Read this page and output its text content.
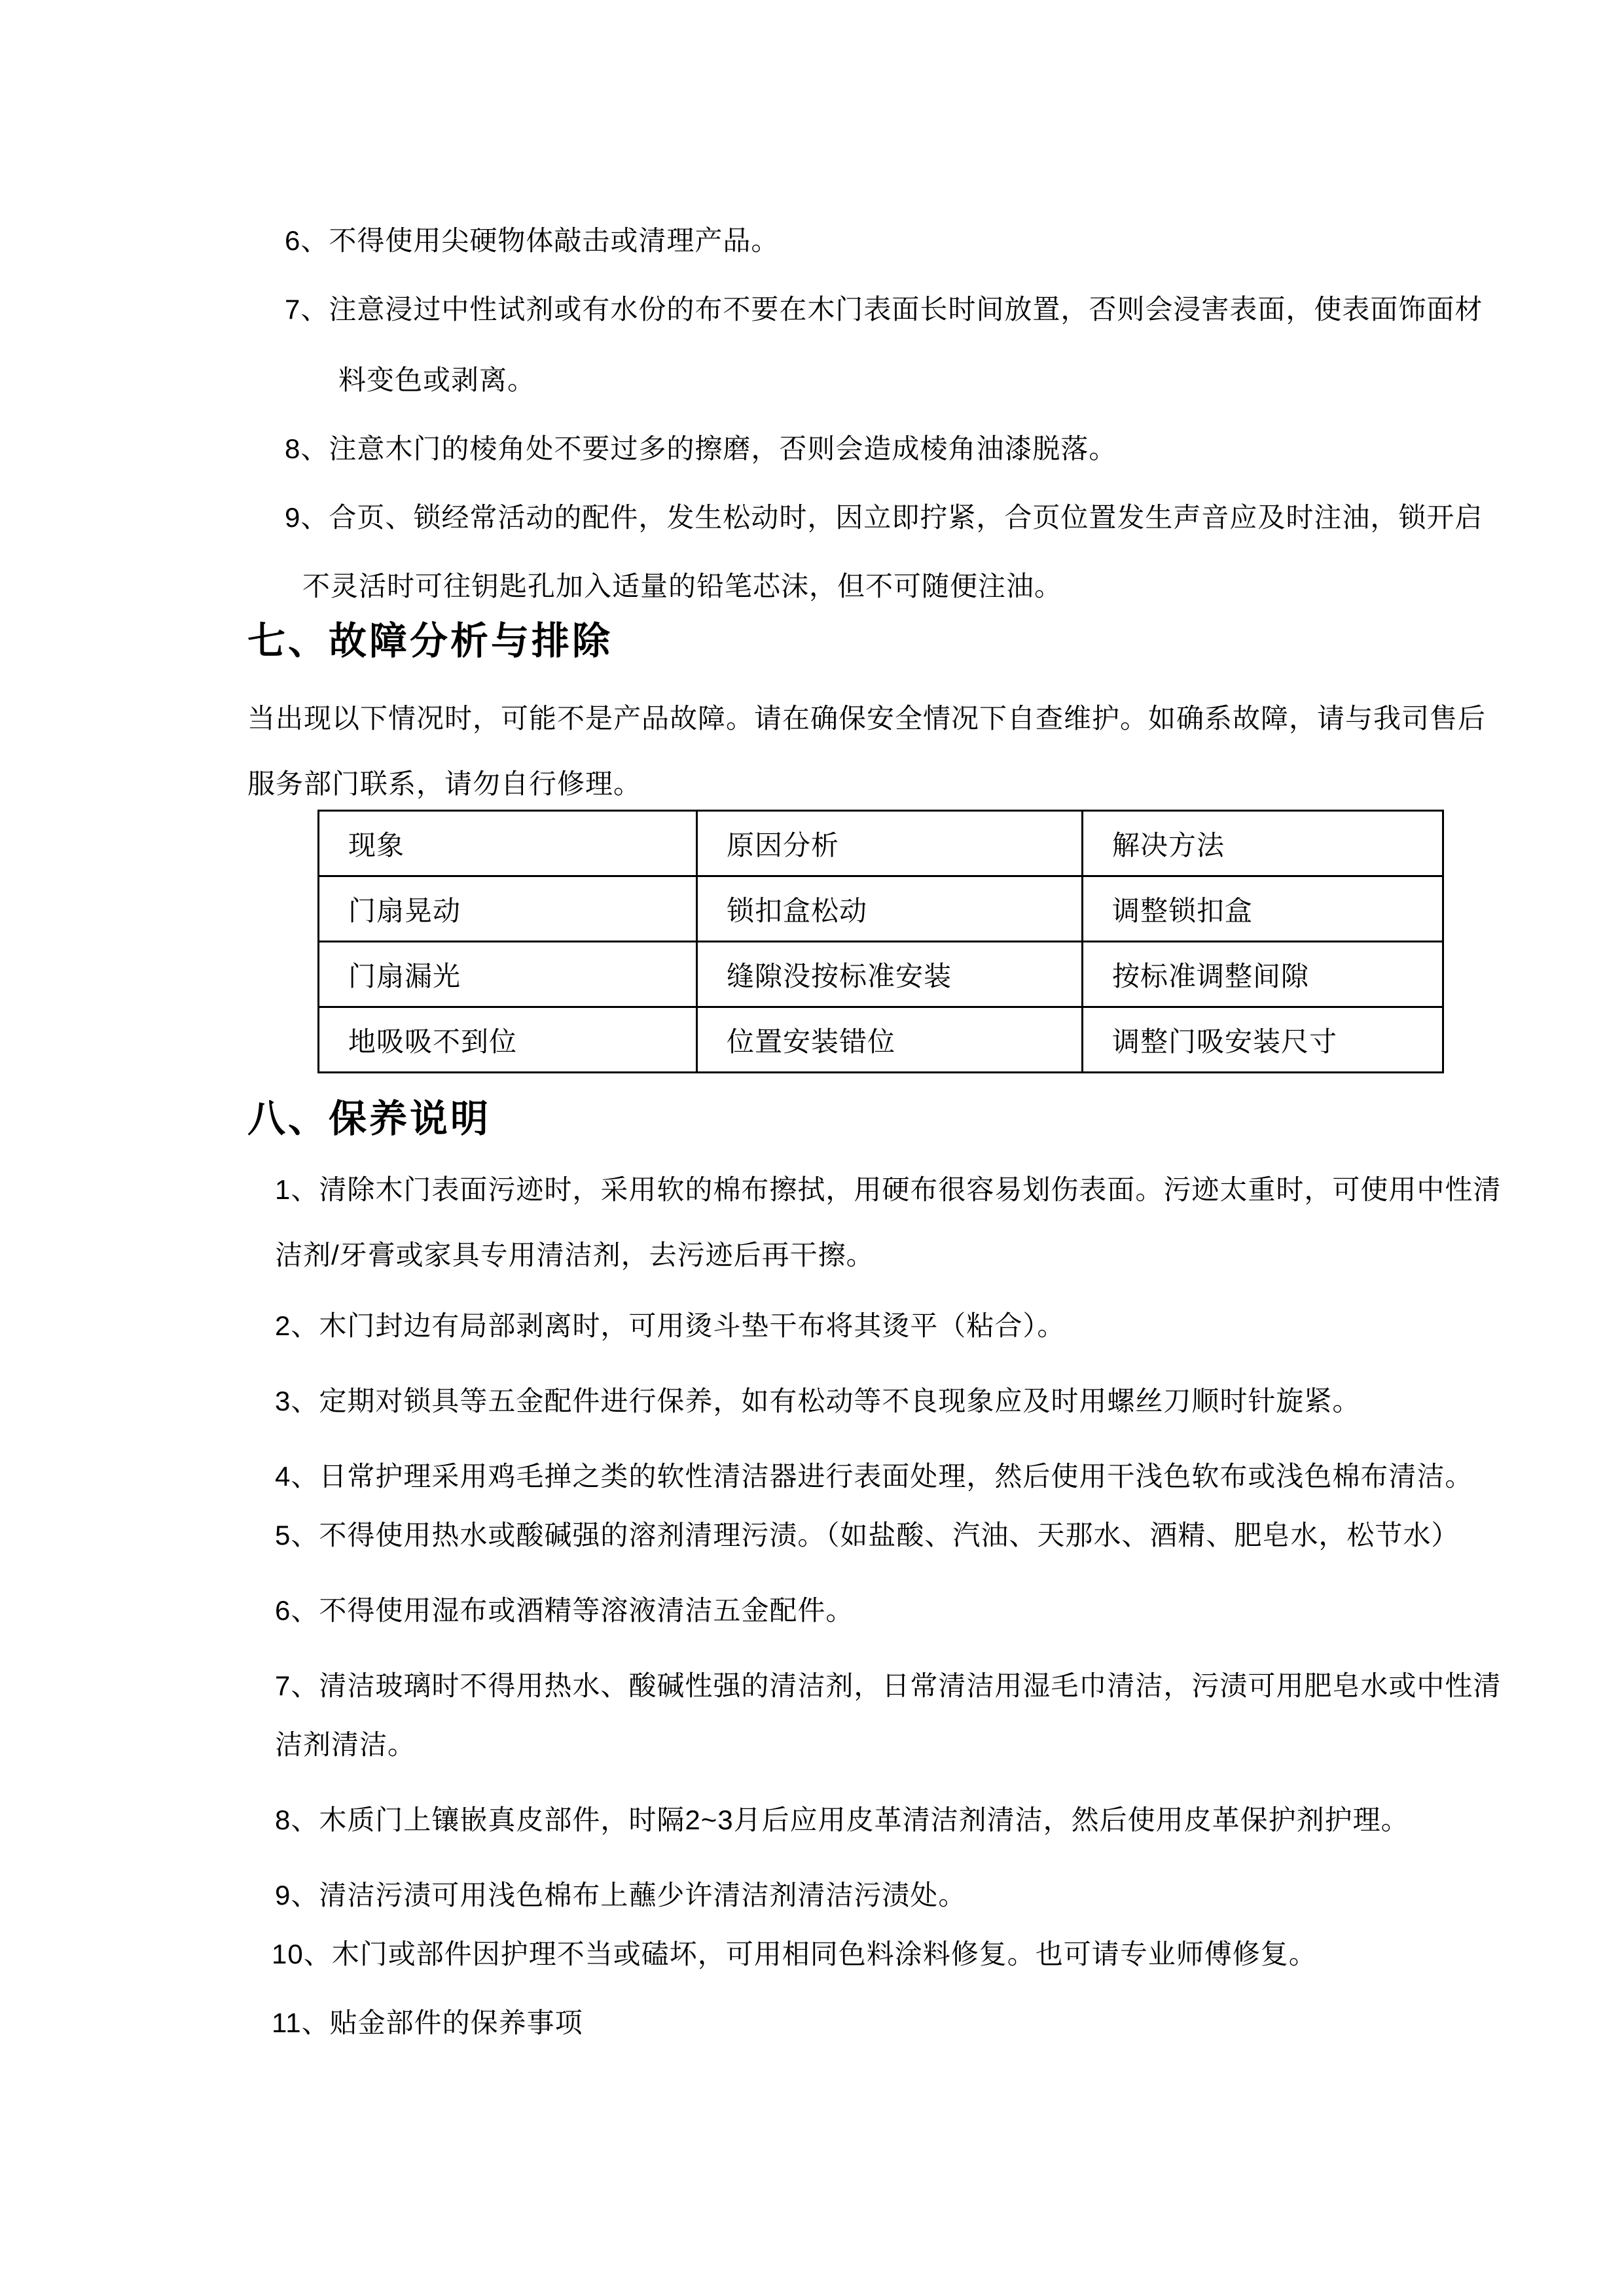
6、不得使用尖硬物体敲击或清理产品。
7、注意浸过中性试剂或有水份的布不要在木门表面长时间放置，否则会浸害表面，使表面饰面材
料变色或剥离。
8、注意木门的棱角处不要过多的擦磨，否则会造成棱角油漆脱落。
9、合页、锁经常活动的配件，发生松动时，因立即拧紧，合页位置发生声音应及时注油，锁开启
不灵活时可往钥匙孔加入适量的铅笔芯沫，但不可随便注油。
七、故障分析与排除
当出现以下情况时，可能不是产品故障。请在确保安全情况下自查维护。如确系故障，请与我司售后
服务部门联系，请勿自行修理。
现象	原因分析	解决方法
门扇晃动	锁扣盒松动	调整锁扣盒
门扇漏光	缝隙没按标准安装	按标准调整间隙
地吸吸不到位	位置安装错位	调整门吸安装尺寸
八、保养说明
1、清除木门表面污迹时，采用软的棉布擦拭，用硬布很容易划伤表面。污迹太重时，可使用中性清
洁剂/牙膏或家具专用清洁剂，去污迹后再干擦。
2、木门封边有局部剥离时，可用烫斗垫干布将其烫平（粘合）。
3、定期对锁具等五金配件进行保养，如有松动等不良现象应及时用螺丝刀顺时针旋紧。
4、日常护理采用鸡毛掸之类的软性清洁器进行表面处理，然后使用干浅色软布或浅色棉布清洁。
5、不得使用热水或酸碱强的溶剂清理污渍。（如盐酸、汽油、天那水、酒精、肥皂水，松节水）
6、不得使用湿布或酒精等溶液清洁五金配件。
7、清洁玻璃时不得用热水、酸碱性强的清洁剂，日常清洁用湿毛巾清洁，污渍可用肥皂水或中性清
洁剂清洁。
8、木质门上镶嵌真皮部件，时隔2~3月后应用皮革清洁剂清洁，然后使用皮革保护剂护理。
9、清洁污渍可用浅色棉布上蘸少许清洁剂清洁污渍处。
10、木门或部件因护理不当或磕坏，可用相同色料涂料修复。也可请专业师傅修复。
11、贴金部件的保养事项
